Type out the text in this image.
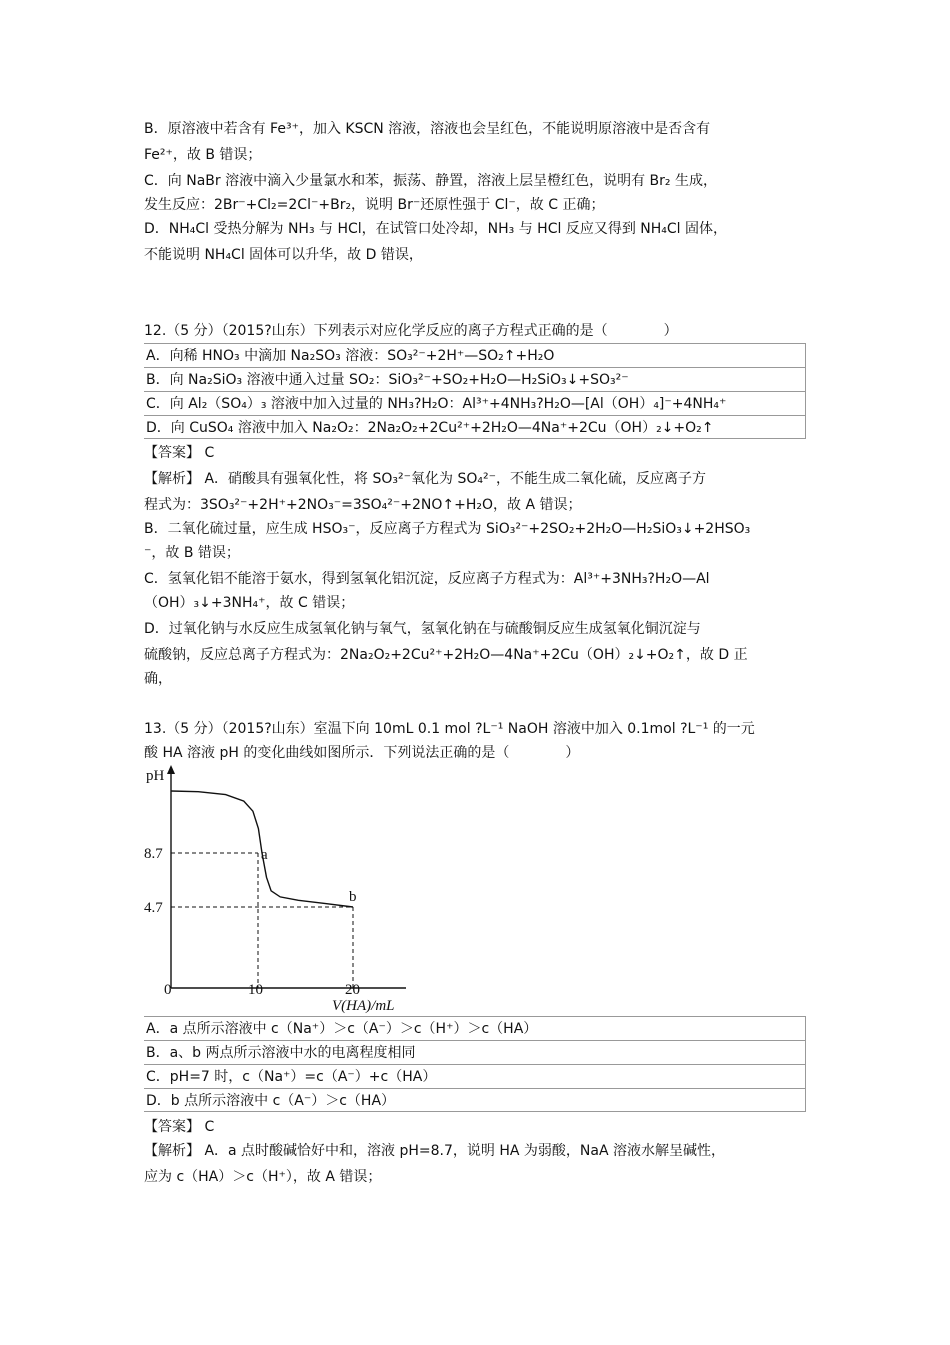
B．原溶液中若含有 Fe³⁺，加入 KSCN 溶液，溶液也会呈红色，不能说明原溶液中是否含有
Fe²⁺，故 B 错误；
C．向 NaBr 溶液中滴入少量氯水和苯，振荡、静置，溶液上层呈橙红色，说明有 Br₂ 生成，
发生反应：2Br⁻+Cl₂=2Cl⁻+Br₂，说明 Br⁻还原性强于 Cl⁻，故 C 正确；
D．NH₄Cl 受热分解为 NH₃ 与 HCl，在试管口处冷却，NH₃ 与 HCl 反应又得到 NH₄Cl 固体，
不能说明 NH₄Cl 固体可以升华，故 D 错误，
12.（5 分）（2015?山东）下列表示对应化学反应的离子方程式正确的是（　　　　）
A．向稀 HNO₃ 中滴加 Na₂SO₃ 溶液：SO₃²⁻+2H⁺—SO₂↑+H₂O
B．向 Na₂SiO₃ 溶液中通入过量 SO₂：SiO₃²⁻+SO₂+H₂O—H₂SiO₃↓+SO₃²⁻
C．向 Al₂（SO₄）₃ 溶液中加入过量的 NH₃?H₂O：Al³⁺+4NH₃?H₂O—[Al（OH）₄]⁻+4NH₄⁺
D．向 CuSO₄ 溶液中加入 Na₂O₂：2Na₂O₂+2Cu²⁺+2H₂O—4Na⁺+2Cu（OH）₂↓+O₂↑
【答案】 C
【解析】 A．硝酸具有强氧化性，将 SO₃²⁻氧化为 SO₄²⁻，不能生成二氧化硫，反应离子方
程式为：3SO₃²⁻+2H⁺+2NO₃⁻=3SO₄²⁻+2NO↑+H₂O，故 A 错误；
B．二氧化硫过量，应生成 HSO₃⁻，反应离子方程式为 SiO₃²⁻+2SO₂+2H₂O—H₂SiO₃↓+2HSO₃
⁻，故 B 错误；
C．氢氧化铝不能溶于氨水，得到氢氧化铝沉淀，反应离子方程式为：Al³⁺+3NH₃?H₂O—Al
（OH）₃↓+3NH₄⁺，故 C 错误；
D．过氧化钠与水反应生成氢氧化钠与氧气，氢氧化钠在与硫酸铜反应生成氢氧化铜沉淀与
硫酸钠，反应总离子方程式为：2Na₂O₂+2Cu²⁺+2H₂O—4Na⁺+2Cu（OH）₂↓+O₂↑，故 D 正
确，
13.（5 分）（2015?山东）室温下向 10mL 0.1 mol ?L⁻¹ NaOH 溶液中加入 0.1mol ?L⁻¹ 的一元
酸 HA 溶液 pH 的变化曲线如图所示．下列说法正确的是（　　　　）
pH
V(HA)/mL
0	10	20
8.7
4.7
a
b
A．a 点所示溶液中 c（Na⁺）＞c（A⁻）＞c（H⁺）＞c（HA）
B．a、b 两点所示溶液中水的电离程度相同
C．pH=7 时，c（Na⁺）=c（A⁻）+c（HA）
D．b 点所示溶液中 c（A⁻）＞c（HA）
【答案】 C
【解析】 A．a 点时酸碱恰好中和，溶液 pH=8.7，说明 HA 为弱酸，NaA 溶液水解呈碱性，
应为 c（HA）＞c（H⁺），故 A 错误；
